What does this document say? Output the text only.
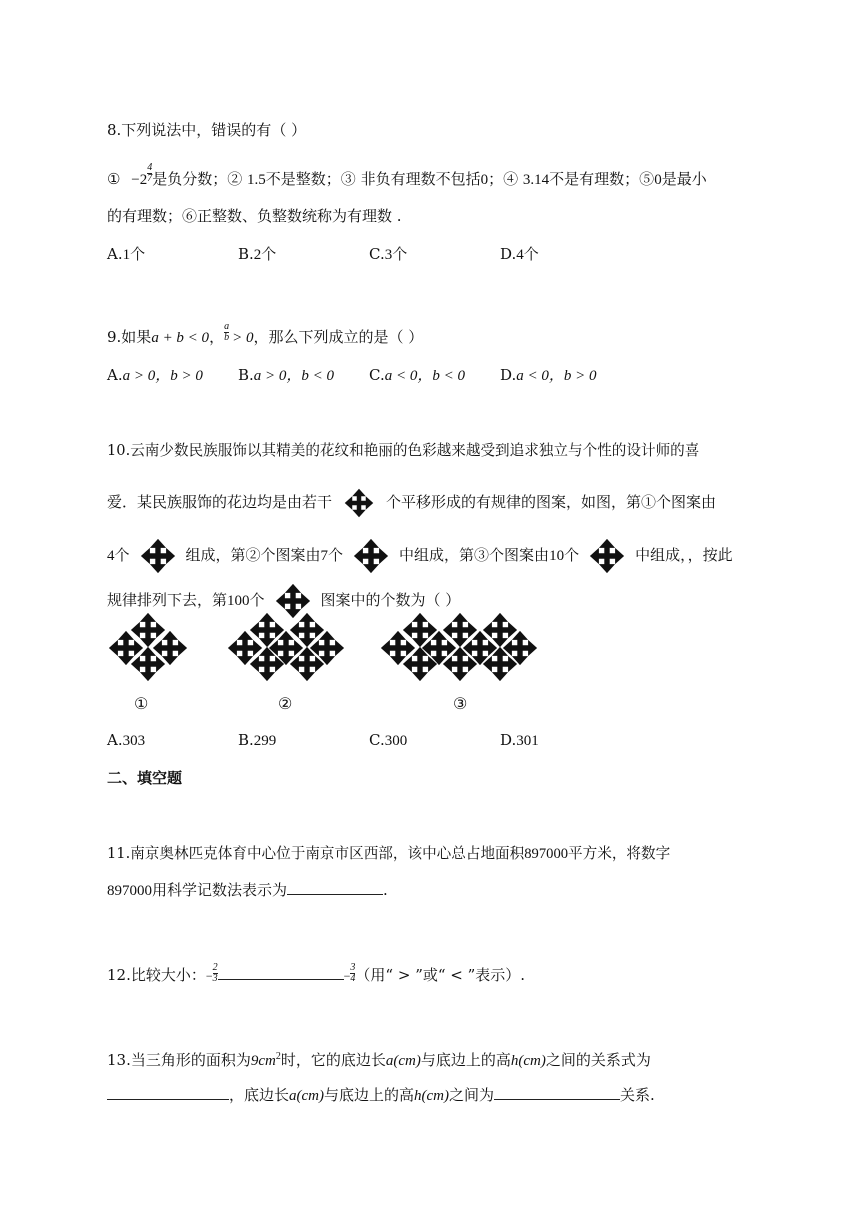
8.下列说法中，错误的有（ ）
① $-2 \frac{4}{7}$ 是负分数；② 1.5不是整数；③ 非负有理数不包括0；④ 3.14不是有理数；⑤0是最小
的有理数；⑥正整数、负整数统称为有理数 .
A.1个	B.2个	C.3个	D.4个
9.如果a + b < 0， $\frac{a}{b} > 0$，那么下列成立的是（ ）
A.a > 0，b > 0 B.a > 0，b < 0 C.a < 0，b < 0 D.a < 0，b > 0
10.云南少数民族服饰以其精美的花纹和艳丽的色彩越来越受到追求独立与个性的设计师的喜
爱．某民族服饰的花边均是由若干	个平移形成的有规律的图案，如图，第①个图案由
4个	组成，第②个图案由7个	中组成，第③个图案由10个	中组成，，按此
规律排列下去，第100个	图案中的个数为（ ）
①	②	③
A.303	B.299	C.300	D.301
二、填空题
11.南京奥林匹克体育中心位于南京市区西部，该中心总占地面积897000平方米，将数字
897000用科学记数法表示为	.
12.比较大小：− $\frac{2}{3}$	− $\frac{3}{4}$ （用“ > ”或“ < ”表示）.
13.当三角形的面积为$9cm^2$时，它的底边长a(cm)与底边上的高h(cm)之间的关系式为
，底边长a(cm)与底边上的高h(cm)之间为	关系.
